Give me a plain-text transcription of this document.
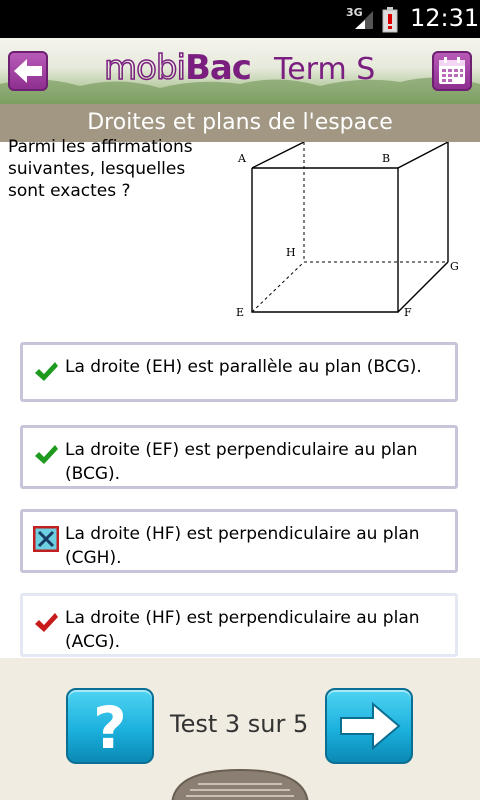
3G 12:31
mobiBac Term S
Droites et plans de l'espace
Parmi les affirmations suivantes, lesquelles sont exactes ?
A	B
H
G
E	F
La droite (EH) est parallèle au plan (BCG).
La droite (EF) est perpendiculaire au plan (BCG).
La droite (HF) est perpendiculaire au plan (CGH).
La droite (HF) est perpendiculaire au plan (ACG).
?	Test 3 sur 5
